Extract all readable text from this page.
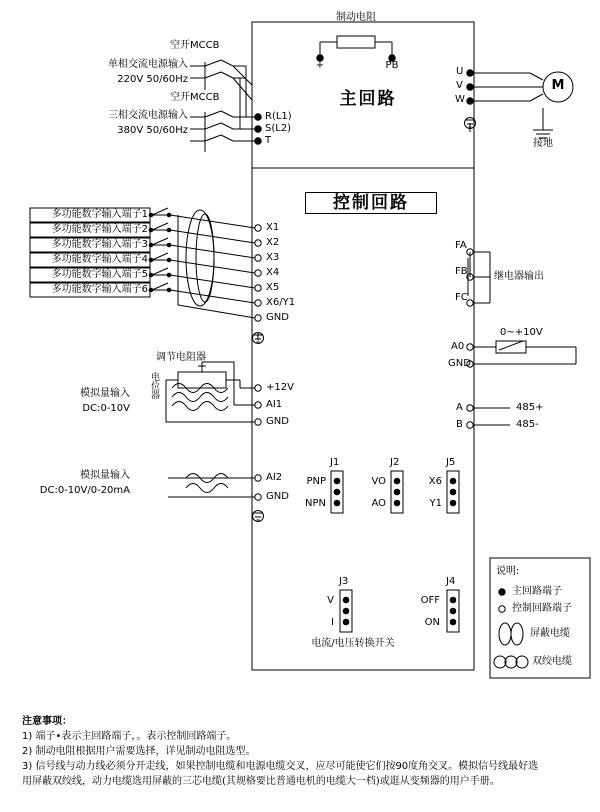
制动电阻
+	PB
空开MCCB
单相交流电源输入
220V 50/60Hz
空开MCCB
三相交流电源输入
380V 50/60Hz
R(L1)
S(L2)
T
U
V
W
M
接地
主回路
控制回路
多功能数字输入端子1
多功能数字输入端子2
多功能数字输入端子3
多功能数字输入端子4
多功能数字输入端子5
多功能数字输入端子6
X1
X2
X3
X4
X5
X6/Y1
GND
调节电阻器
电位器
模拟量输入
DC:0-10V
+12V
AI1
GND
模拟量输入
DC:0-10V/0-20mA
AI2
GND
FA
FB
FC
继电器输出
A0
GND
0~+10V
A
B
485+
485-
J1
PNP
NPN
J2
VO
AO
J5
X6
Y1
J3
V
I
J4
OFF
ON
电流/电压转换开关
说明:
主回路端子
控制回路端子
屏蔽电缆
双绞电缆
注意事项：
1) 端子•表示主回路端子，。表示控制回路端子。
2) 制动电阻根据用户需要选择，详见制动电阻选型。
3) 信号线与动力线必须分开走线，如果控制电缆和电源电缆交叉，应尽可能使它们按90度角交叉。模拟信号线最好选
用屏蔽双绞线，动力电缆选用屏蔽的三芯电缆(其规格要比普通电机的电缆大一档)或逛从变频器的用户手册。
